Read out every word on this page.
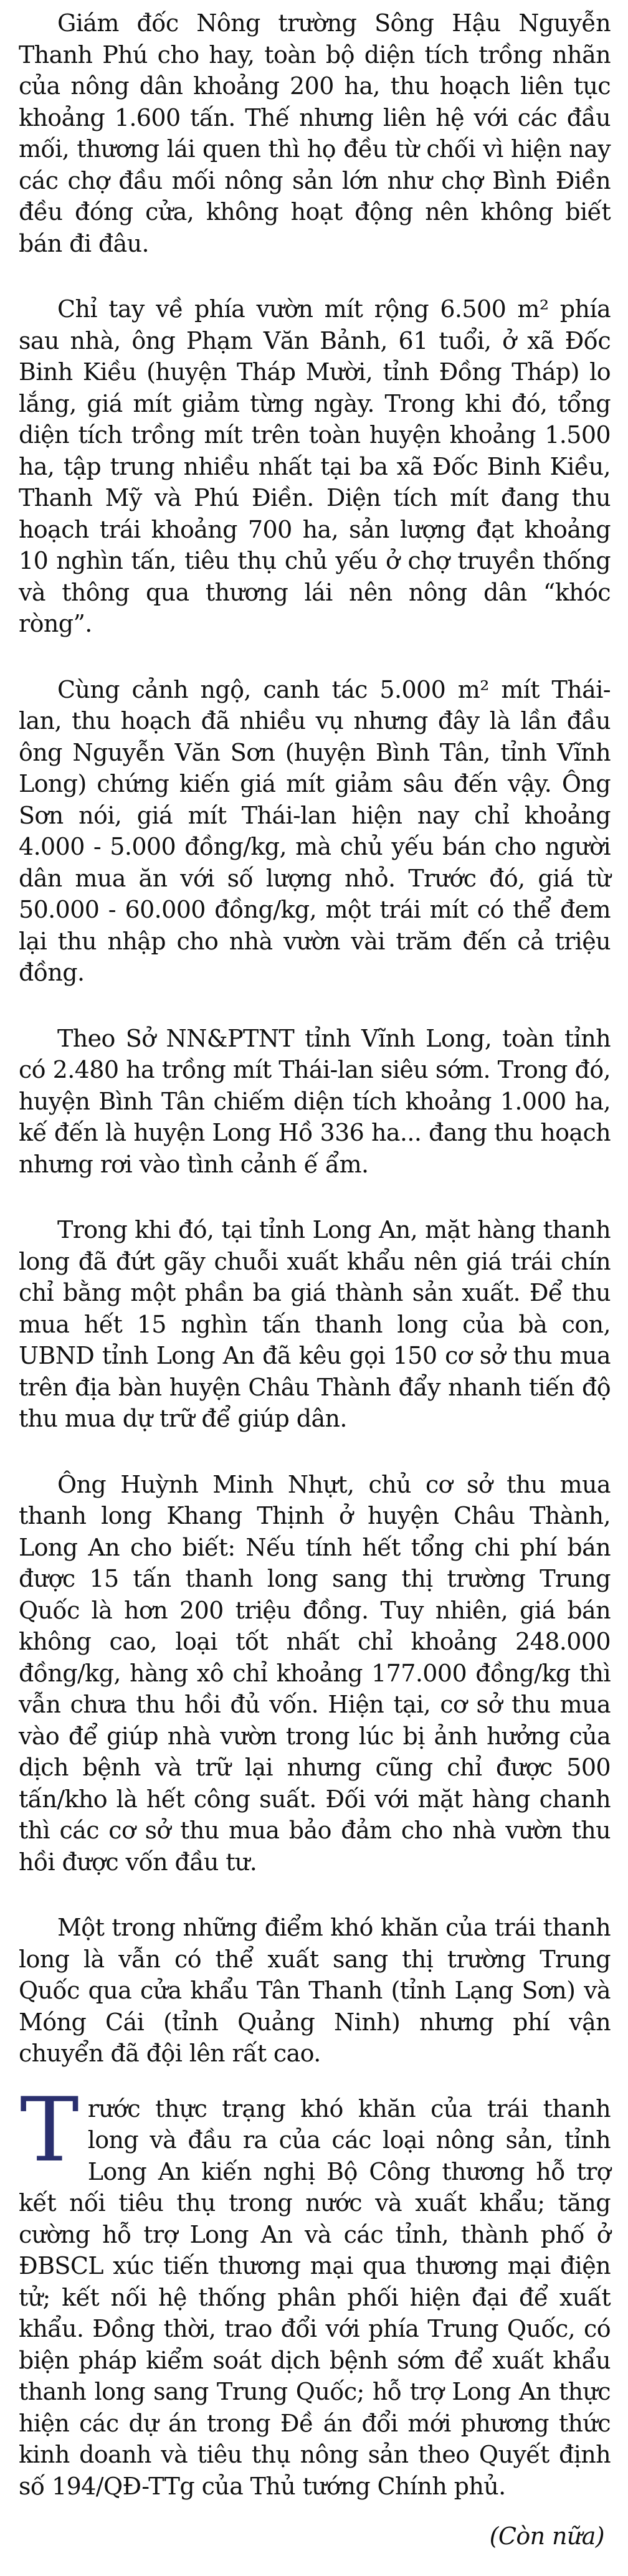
Giám đốc Nông trường Sông Hậu Nguyễn Thanh Phú cho hay, toàn bộ diện tích trồng nhãn của nông dân khoảng 200 ha, thu hoạch liên tục khoảng 1.600 tấn. Thế nhưng liên hệ với các đầu mối, thương lái quen thì họ đều từ chối vì hiện nay các chợ đầu mối nông sản lớn như chợ Bình Điền đều đóng cửa, không hoạt động nên không biết bán đi đâu.

Chỉ tay về phía vườn mít rộng 6.500 m² phía sau nhà, ông Phạm Văn Bảnh, 61 tuổi, ở xã Đốc Binh Kiều (huyện Tháp Mười, tỉnh Đồng Tháp) lo lắng, giá mít giảm từng ngày. Trong khi đó, tổng diện tích trồng mít trên toàn huyện khoảng 1.500 ha, tập trung nhiều nhất tại ba xã Đốc Binh Kiều, Thanh Mỹ và Phú Điền. Diện tích mít đang thu hoạch trái khoảng 700 ha, sản lượng đạt khoảng 10 nghìn tấn, tiêu thụ chủ yếu ở chợ truyền thống và thông qua thương lái nên nông dân “khóc ròng”.

Cùng cảnh ngộ, canh tác 5.000 m² mít Thái-lan, thu hoạch đã nhiều vụ nhưng đây là lần đầu ông Nguyễn Văn Sơn (huyện Bình Tân, tỉnh Vĩnh Long) chứng kiến giá mít giảm sâu đến vậy. Ông Sơn nói, giá mít Thái-lan hiện nay chỉ khoảng 4.000 - 5.000 đồng/kg, mà chủ yếu bán cho người dân mua ăn với số lượng nhỏ. Trước đó, giá từ 50.000 - 60.000 đồng/kg, một trái mít có thể đem lại thu nhập cho nhà vườn vài trăm đến cả triệu đồng.

Theo Sở NN&PTNT tỉnh Vĩnh Long, toàn tỉnh có 2.480 ha trồng mít Thái-lan siêu sớm. Trong đó, huyện Bình Tân chiếm diện tích khoảng 1.000 ha, kế đến là huyện Long Hồ 336 ha... đang thu hoạch nhưng rơi vào tình cảnh ế ẩm.

Trong khi đó, tại tỉnh Long An, mặt hàng thanh long đã đứt gãy chuỗi xuất khẩu nên giá trái chín chỉ bằng một phần ba giá thành sản xuất. Để thu mua hết 15 nghìn tấn thanh long của bà con, UBND tỉnh Long An đã kêu gọi 150 cơ sở thu mua trên địa bàn huyện Châu Thành đẩy nhanh tiến độ thu mua dự trữ để giúp dân.

Ông Huỳnh Minh Nhựt, chủ cơ sở thu mua thanh long Khang Thịnh ở huyện Châu Thành, Long An cho biết: Nếu tính hết tổng chi phí bán được 15 tấn thanh long sang thị trường Trung Quốc là hơn 200 triệu đồng. Tuy nhiên, giá bán không cao, loại tốt nhất chỉ khoảng 248.000 đồng/kg, hàng xô chỉ khoảng 177.000 đồng/kg thì vẫn chưa thu hồi đủ vốn. Hiện tại, cơ sở thu mua vào để giúp nhà vườn trong lúc bị ảnh hưởng của dịch bệnh và trữ lại nhưng cũng chỉ được 500 tấn/kho là hết công suất. Đối với mặt hàng chanh thì các cơ sở thu mua bảo đảm cho nhà vườn thu hồi được vốn đầu tư.

Một trong những điểm khó khăn của trái thanh long là vẫn có thể xuất sang thị trường Trung Quốc qua cửa khẩu Tân Thanh (tỉnh Lạng Sơn) và Móng Cái (tỉnh Quảng Ninh) nhưng phí vận chuyển đã đội lên rất cao.

Trước thực trạng khó khăn của trái thanh long và đầu ra của các loại nông sản, tỉnh Long An kiến nghị Bộ Công thương hỗ trợ kết nối tiêu thụ trong nước và xuất khẩu; tăng cường hỗ trợ Long An và các tỉnh, thành phố ở ĐBSCL xúc tiến thương mại qua thương mại điện tử; kết nối hệ thống phân phối hiện đại để xuất khẩu. Đồng thời, trao đổi với phía Trung Quốc, có biện pháp kiểm soát dịch bệnh sớm để xuất khẩu thanh long sang Trung Quốc; hỗ trợ Long An thực hiện các dự án trong Đề án đổi mới phương thức kinh doanh và tiêu thụ nông sản theo Quyết định số 194/QĐ-TTg của Thủ tướng Chính phủ.

(Còn nữa)
